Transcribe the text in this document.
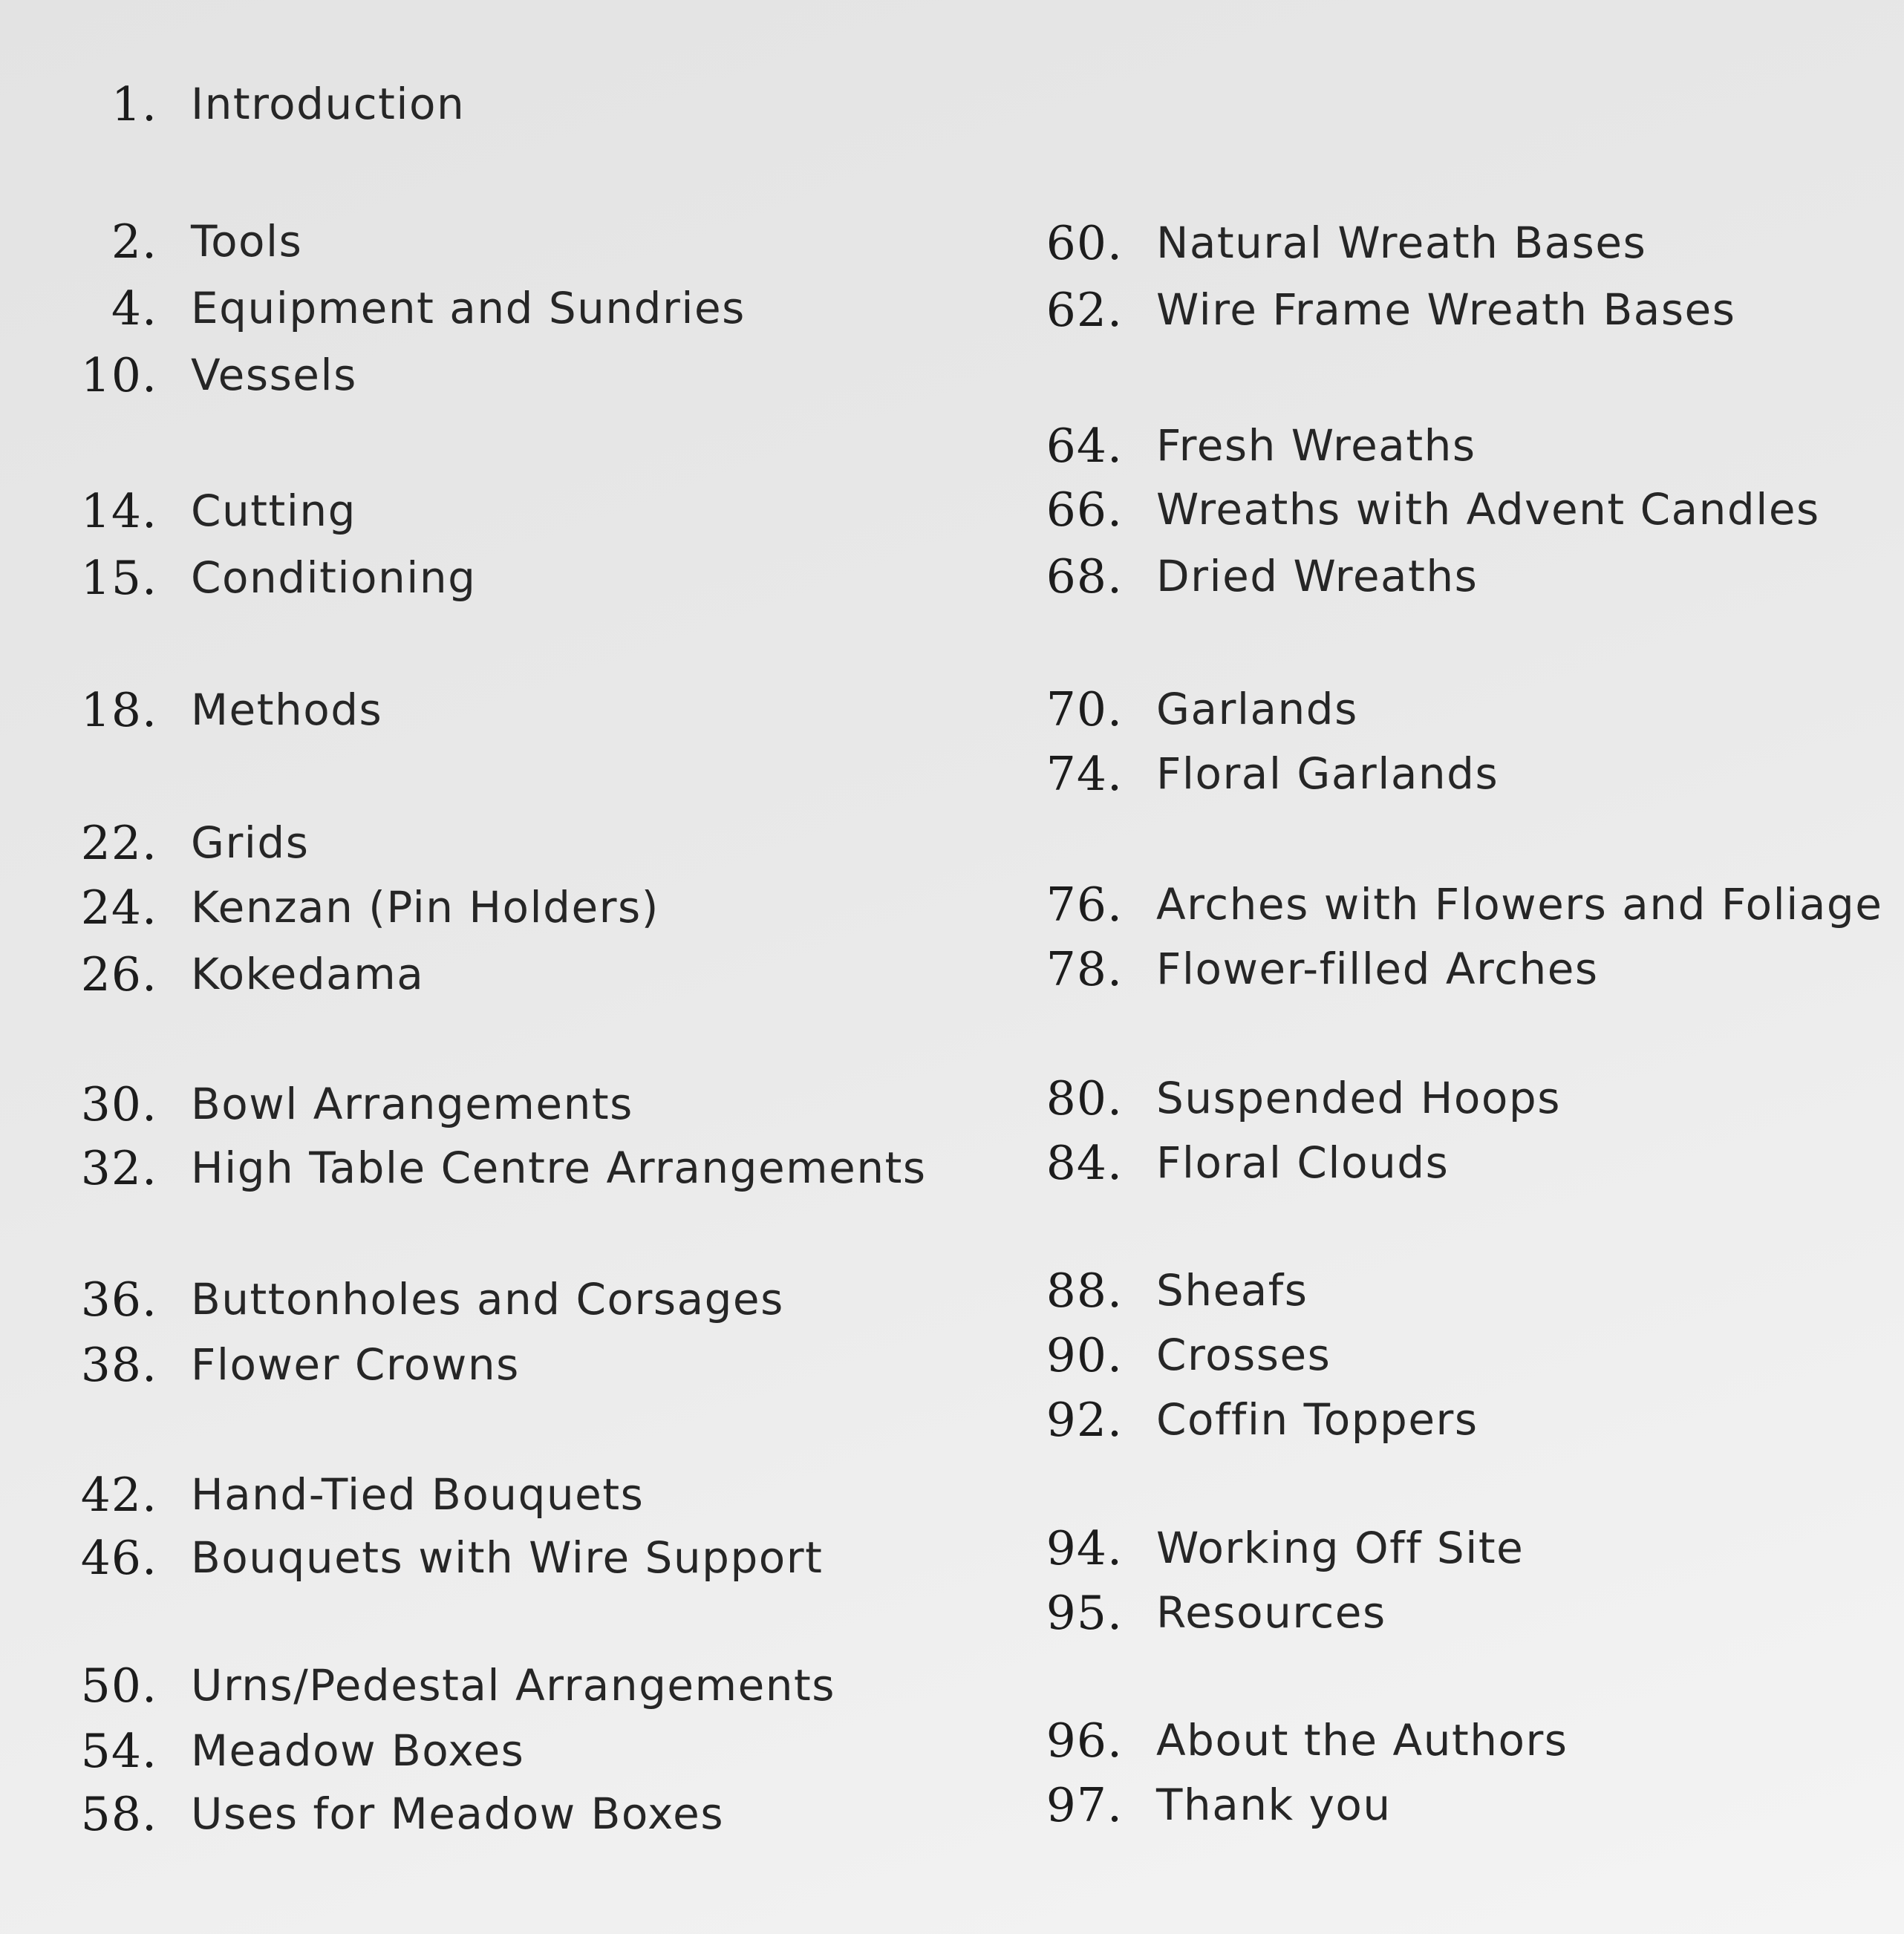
1. Introduction
2. Tools
4. Equipment and Sundries
10. Vessels
14. Cutting
15. Conditioning
18. Methods
22. Grids
24. Kenzan (Pin Holders)
26. Kokedama
30. Bowl Arrangements
32. High Table Centre Arrangements
36. Buttonholes and Corsages
38. Flower Crowns
42. Hand-Tied Bouquets
46. Bouquets with Wire Support
50. Urns/Pedestal Arrangements
54. Meadow Boxes
58. Uses for Meadow Boxes
60. Natural Wreath Bases
62. Wire Frame Wreath Bases
64. Fresh Wreaths
66. Wreaths with Advent Candles
68. Dried Wreaths
70. Garlands
74. Floral Garlands
76. Arches with Flowers and Foliage
78. Flower-filled Arches
80. Suspended Hoops
84. Floral Clouds
88. Sheafs
90. Crosses
92. Coffin Toppers
94. Working Off Site
95. Resources
96. About the Authors
97. Thank you
